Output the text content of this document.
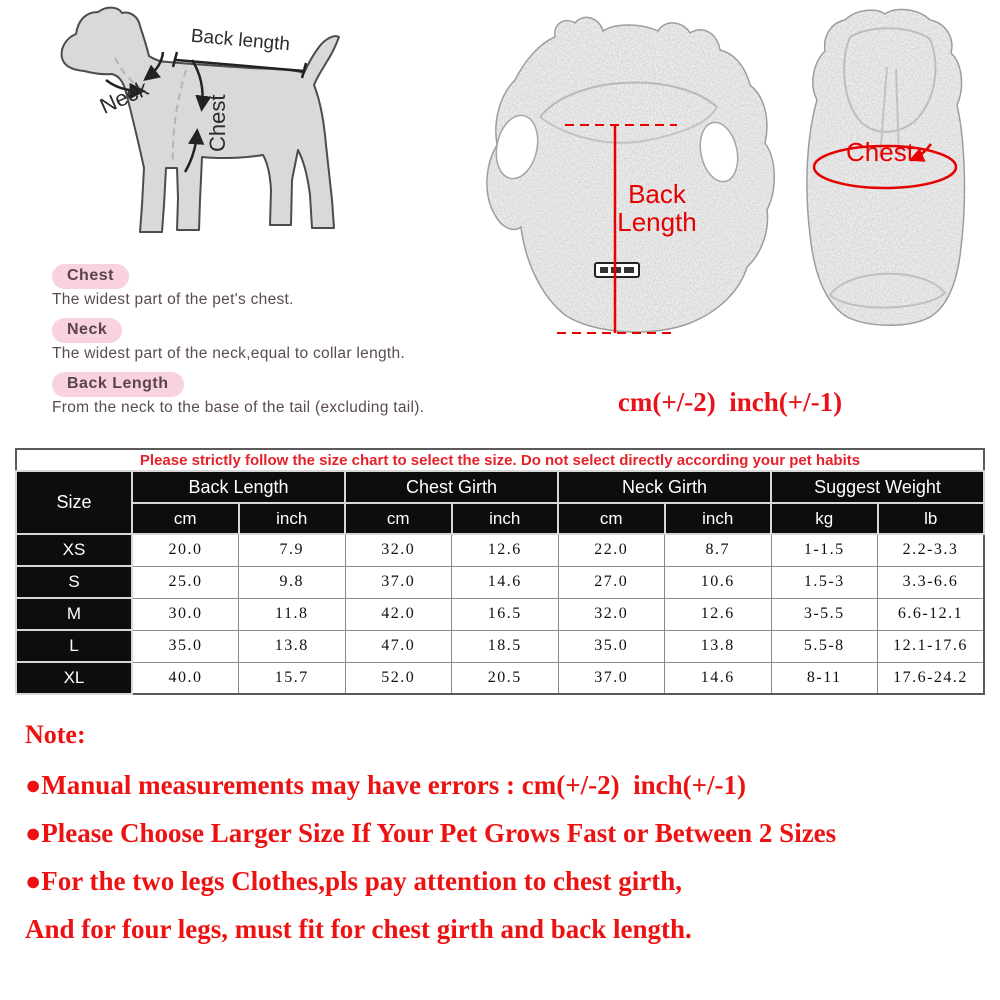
Back length
Neck Chest
Back
Length
Chest
cm(+/-2)  inch(+/-1)
Chest
The widest part of the pet's chest.
Neck
The widest part of the neck,equal to collar length.
Back Length
From the neck to the base of the tail (excluding tail).
Please strictly follow the size chart to select the size. Do not select directly according your pet habits								
Size	Back Length		Chest Girth		Neck Girth		Suggest Weight	
	cm	inch	cm	inch	cm	inch	kg	lb
XS	20.0	7.9	32.0	12.6	22.0	8.7	1-1.5	2.2-3.3
S	25.0	9.8	37.0	14.6	27.0	10.6	1.5-3	3.3-6.6
M	30.0	11.8	42.0	16.5	32.0	12.6	3-5.5	6.6-12.1
L	35.0	13.8	47.0	18.5	35.0	13.8	5.5-8	12.1-17.6
XL	40.0	15.7	52.0	20.5	37.0	14.6	8-11	17.6-24.2
Note:

●Manual measurements may have errors : cm(+/-2)  inch(+/-1)

●Please Choose Larger Size If Your Pet Grows Fast or Between 2 Sizes

●For the two legs Clothes,pls pay attention to chest girth,

And for four legs, must fit for chest girth and back length.
